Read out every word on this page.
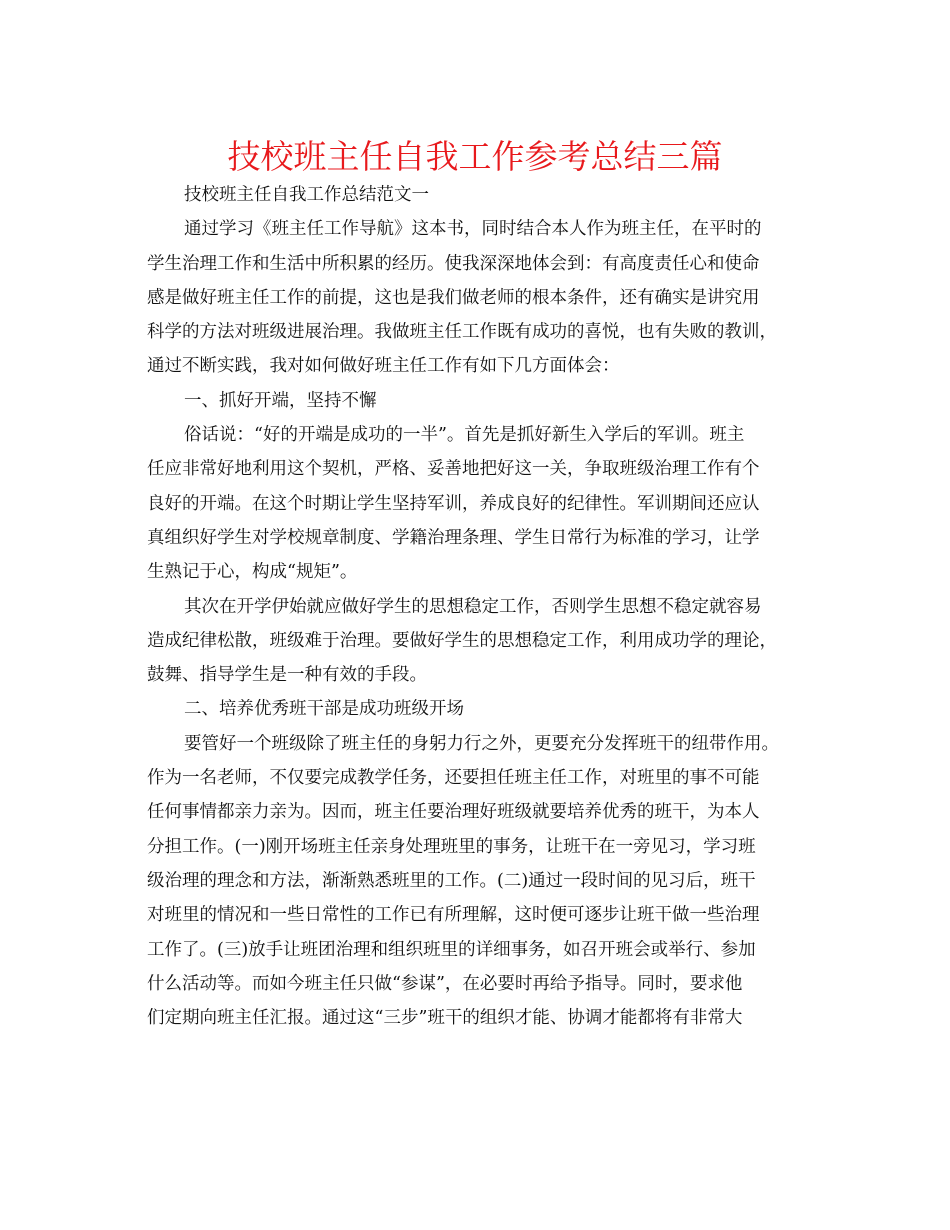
技校班主任自我工作参考总结三篇
技校班主任自我工作总结范文一
通过学习《班主任工作导航》这本书，同时结合本人作为班主任，在平时的
学生治理工作和生活中所积累的经历。使我深深地体会到：有高度责任心和使命
感是做好班主任工作的前提，这也是我们做老师的根本条件，还有确实是讲究用
科学的方法对班级进展治理。我做班主任工作既有成功的喜悦，也有失败的教训，
通过不断实践，我对如何做好班主任工作有如下几方面体会：
一、抓好开端，坚持不懈
俗话说：“好的开端是成功的一半”。首先是抓好新生入学后的军训。班主
任应非常好地利用这个契机，严格、妥善地把好这一关，争取班级治理工作有个
良好的开端。在这个时期让学生坚持军训，养成良好的纪律性。军训期间还应认
真组织好学生对学校规章制度、学籍治理条理、学生日常行为标准的学习，让学
生熟记于心，构成“规矩”。
其次在开学伊始就应做好学生的思想稳定工作，否则学生思想不稳定就容易
造成纪律松散，班级难于治理。要做好学生的思想稳定工作，利用成功学的理论，
鼓舞、指导学生是一种有效的手段。
二、培养优秀班干部是成功班级开场
要管好一个班级除了班主任的身躬力行之外，更要充分发挥班干的纽带作用。
作为一名老师，不仅要完成教学任务，还要担任班主任工作，对班里的事不可能
任何事情都亲力亲为。因而，班主任要治理好班级就要培养优秀的班干，为本人
分担工作。(一)刚开场班主任亲身处理班里的事务，让班干在一旁见习，学习班
级治理的理念和方法，渐渐熟悉班里的工作。(二)通过一段时间的见习后，班干
对班里的情况和一些日常性的工作已有所理解，这时便可逐步让班干做一些治理
工作了。(三)放手让班团治理和组织班里的详细事务，如召开班会或举行、参加
什么活动等。而如今班主任只做“参谋”，在必要时再给予指导。同时，要求他
们定期向班主任汇报。通过这“三步”班干的组织才能、协调才能都将有非常大
